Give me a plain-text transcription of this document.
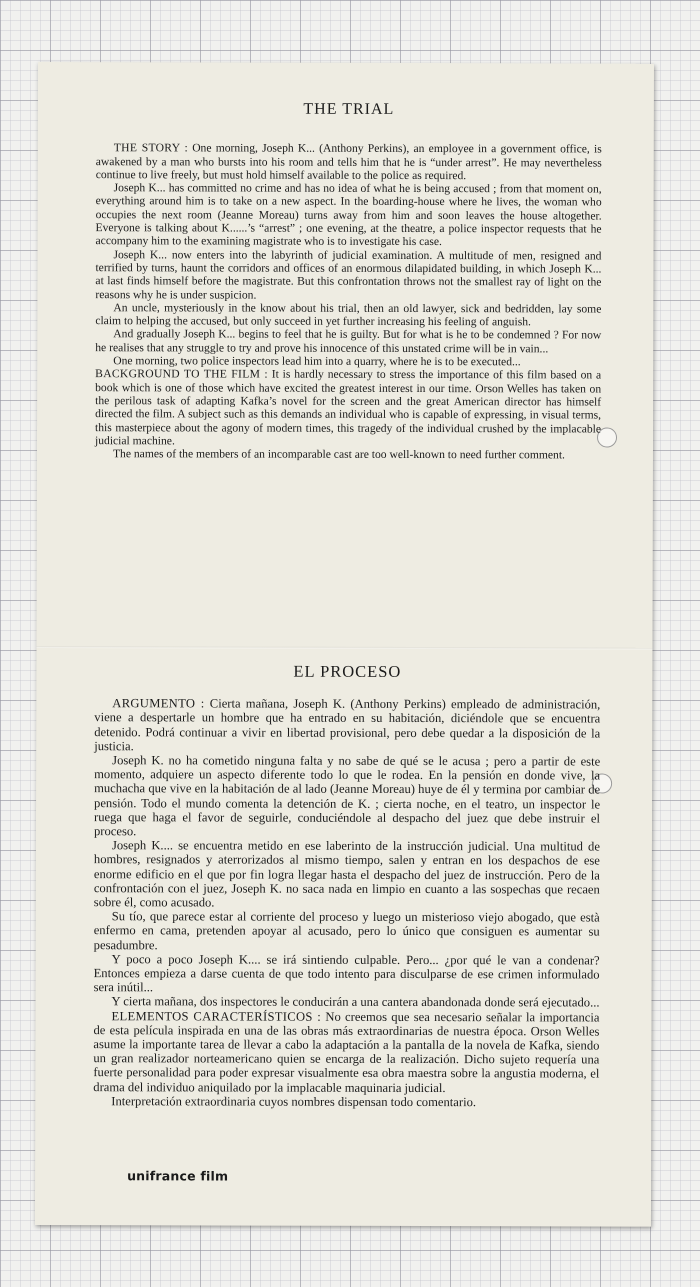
THE TRIAL

THE STORY : One morning, Joseph K... (Anthony Perkins), an employee in a government office, is awakened by a man who bursts into his room and tells him that he is “under arrest”. He may nevertheless continue to live freely, but must hold himself available to the police as required.

Joseph K... has committed no crime and has no idea of what he is being accused ; from that moment on, everything around him is to take on a new aspect. In the boarding-house where he lives, the woman who occupies the next room (Jeanne Moreau) turns away from him and soon leaves the house altogether. Everyone is talking about K......’s “arrest” ; one evening, at the theatre, a police inspector requests that he accompany him to the examining magistrate who is to investigate his case.

Joseph K... now enters into the labyrinth of judicial examination. A multitude of men, resigned and terrified by turns, haunt the corridors and offices of an enormous dilapidated building, in which Joseph K... at last finds himself before the magistrate. But this confrontation throws not the smallest ray of light on the reasons why he is under suspicion.

An uncle, mysteriously in the know about his trial, then an old lawyer, sick and bedridden, lay some claim to helping the accused, but only succeed in yet further increasing his feeling of anguish.

And gradually Joseph K... begins to feel that he is guilty. But for what is he to be condemned ? For now he realises that any struggle to try and prove his innocence of this unstated crime will be in vain...

One morning, two police inspectors lead him into a quarry, where he is to be executed...

BACKGROUND TO THE FILM : It is hardly necessary to stress the importance of this film based on a book which is one of those which have excited the greatest interest in our time. Orson Welles has taken on the perilous task of adapting Kafka’s novel for the screen and the great American director has himself directed the film. A subject such as this demands an individual who is capable of expressing, in visual terms, this masterpiece about the agony of modern times, this tragedy of the individual crushed by the implacable judicial machine.

The names of the members of an incomparable cast are too well-known to need further comment.

EL PROCESO

ARGUMENTO : Cierta mañana, Joseph K. (Anthony Perkins) empleado de administración, viene a despertarle un hombre que ha entrado en su habitación, diciéndole que se encuentra detenido. Podrá continuar a vivir en libertad provisional, pero debe quedar a la disposición de la justicia.

Joseph K. no ha cometido ninguna falta y no sabe de qué se le acusa ; pero a partir de este momento, adquiere un aspecto diferente todo lo que le rodea. En la pensión en donde vive, la muchacha que vive en la habitación de al lado (Jeanne Moreau) huye de él y termina por cambiar de pensión. Todo el mundo comenta la detención de K. ; cierta noche, en el teatro, un inspector le ruega que haga el favor de seguirle, conduciéndole al despacho del juez que debe instruir el proceso.

Joseph K.... se encuentra metido en ese laberinto de la instrucción judicial. Una multitud de hombres, resignados y aterrorizados al mismo tiempo, salen y entran en los despachos de ese enorme edificio en el que por fin logra llegar hasta el despacho del juez de instrucción. Pero de la confrontación con el juez, Joseph K. no saca nada en limpio en cuanto a las sospechas que recaen sobre él, como acusado.

Su tío, que parece estar al corriente del proceso y luego un misterioso viejo abogado, que està enfermo en cama, pretenden apoyar al acusado, pero lo único que consiguen es aumentar su pesadumbre.

Y poco a poco Joseph K.... se irá sintiendo culpable. Pero... ¿por qué le van a condenar? Entonces empieza a darse cuenta de que todo intento para disculparse de ese crimen informulado sera inútil...

Y cierta mañana, dos inspectores le conducirán a una cantera abandonada donde será ejecutado...

ELEMENTOS CARACTERÍSTICOS : No creemos que sea necesario señalar la importancia de esta película inspirada en una de las obras más extraordinarias de nuestra época. Orson Welles asume la importante tarea de llevar a cabo la adaptación a la pantalla de la novela de Kafka, siendo un gran realizador norteamericano quien se encarga de la realización. Dicho sujeto requería una fuerte personalidad para poder expresar visualmente esa obra maestra sobre la angustia moderna, el drama del individuo aniquilado por la implacable maquinaria judicial.

Interpretación extraordinaria cuyos nombres dispensan todo comentario.

unifrance film
